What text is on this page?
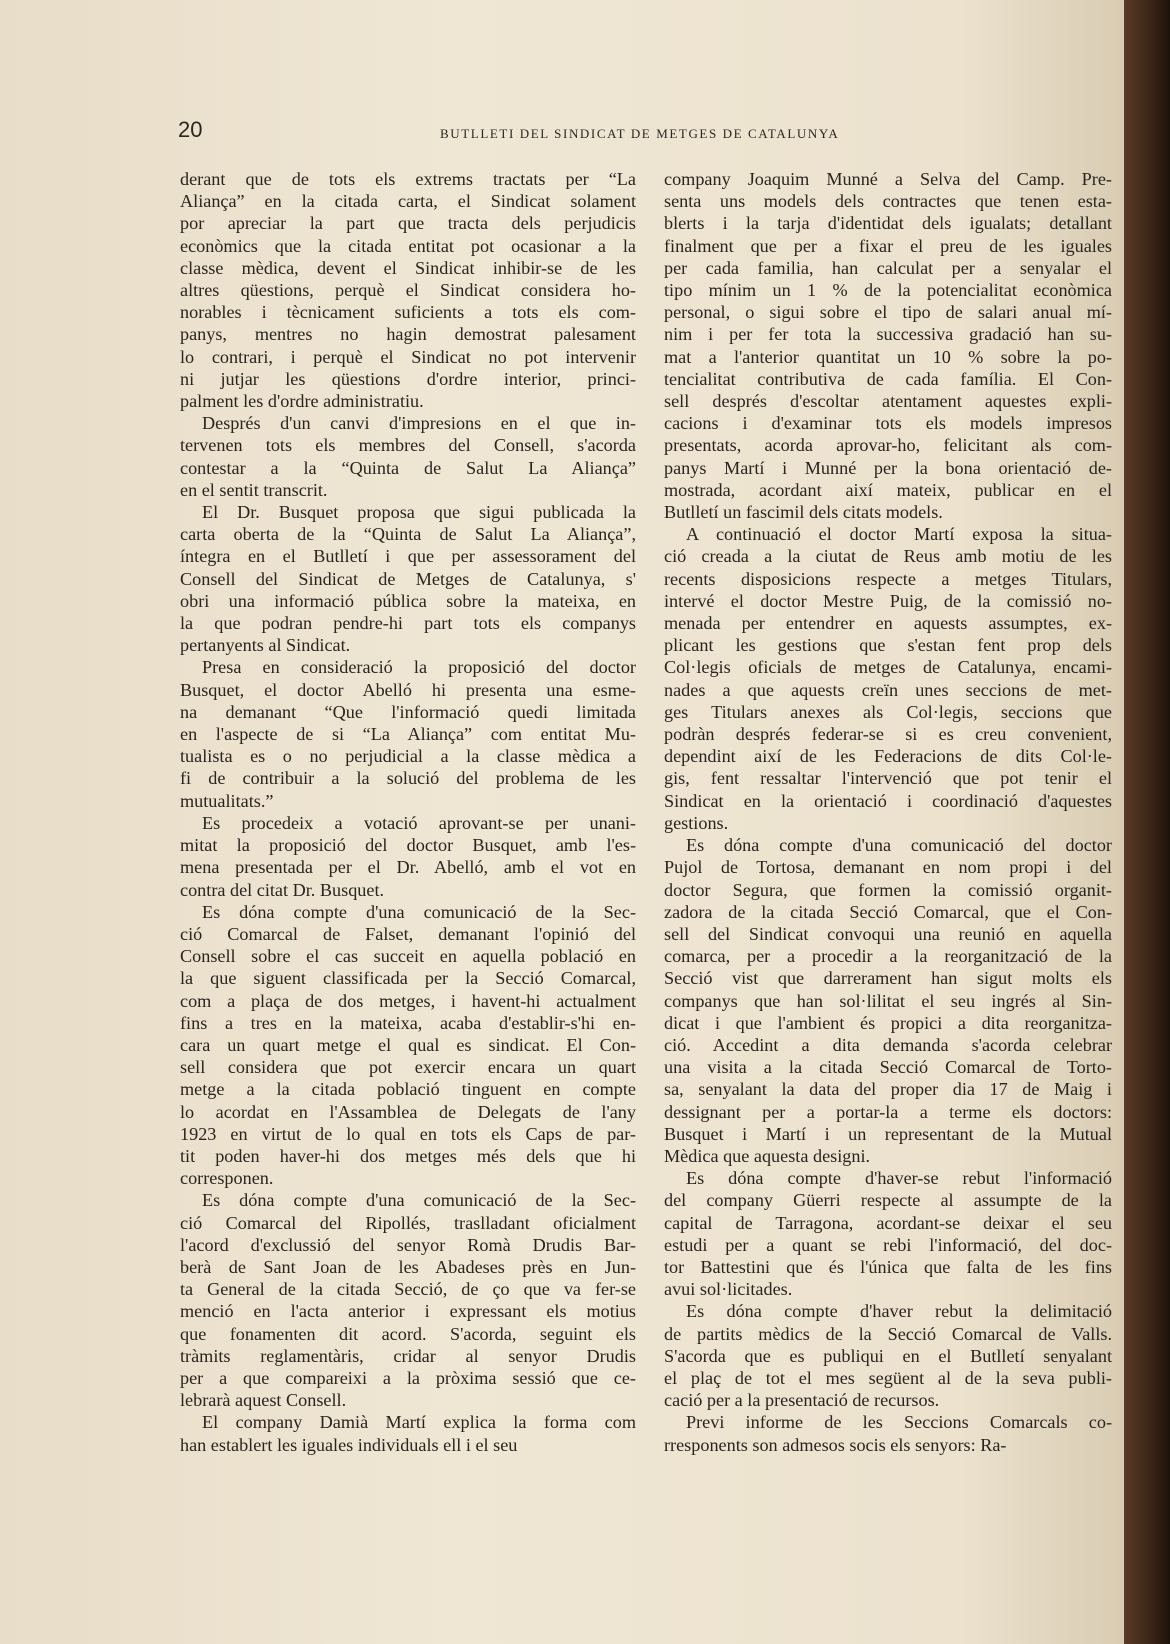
20	BUTLLETI DEL SINDICAT DE METGES DE CATALUNYA

derant que de tots els extrems tractats per “La
Aliança” en la citada carta, el Sindicat solament
por apreciar la part que tracta dels perjudicis
econòmics que la citada entitat pot ocasionar a la
classe mèdica, devent el Sindicat inhibir-se de les
altres qüestions, perquè el Sindicat considera ho-
norables i tècnicament suficients a tots els com-
panys, mentres no hagin demostrat palesament
lo contrari, i perquè el Sindicat no pot intervenir
ni jutjar les qüestions d'ordre interior, princi-
palment les d'ordre administratiu.

Després d'un canvi d'impresions en el que in-
tervenen tots els membres del Consell, s'acorda
contestar a la “Quinta de Salut La Aliança”
en el sentit transcrit.

El Dr. Busquet proposa que sigui publicada la
carta oberta de la “Quinta de Salut La Aliança”,
íntegra en el Butlletí i que per assessorament del
Consell del Sindicat de Metges de Catalunya, s'
obri una informació pública sobre la mateixa, en
la que podran pendre-hi part tots els companys
pertanyents al Sindicat.

Presa en consideració la proposició del doctor
Busquet, el doctor Abelló hi presenta una esme-
na demanant “Que l'informació quedi limitada
en l'aspecte de si “La Aliança” com entitat Mu-
tualista es o no perjudicial a la classe mèdica a
fi de contribuir a la solució del problema de les
mutualitats.”

Es procedeix a votació aprovant-se per unani-
mitat la proposició del doctor Busquet, amb l'es-
mena presentada per el Dr. Abelló, amb el vot en
contra del citat Dr. Busquet.

Es dóna compte d'una comunicació de la Sec-
ció Comarcal de Falset, demanant l'opinió del
Consell sobre el cas succeit en aquella població en
la que siguent classificada per la Secció Comarcal,
com a plaça de dos metges, i havent-hi actualment
fins a tres en la mateixa, acaba d'establir-s'hi en-
cara un quart metge el qual es sindicat. El Con-
sell considera que pot exercir encara un quart
metge a la citada població tinguent en compte
lo acordat en l'Assamblea de Delegats de l'any
1923 en virtut de lo qual en tots els Caps de par-
tit poden haver-hi dos metges més dels que hi
corresponen.

Es dóna compte d'una comunicació de la Sec-
ció Comarcal del Ripollés, traslladant oficialment
l'acord d'exclussió del senyor Romà Drudis Bar-
berà de Sant Joan de les Abadeses près en Jun-
ta General de la citada Secció, de ço que va fer-se
menció en l'acta anterior i expressant els motius
que fonamenten dit acord. S'acorda, seguint els
tràmits reglamentàris, cridar al senyor Drudis
per a que compareixi a la pròxima sessió que ce-
lebrarà aquest Consell.

El company Damià Martí explica la forma com
han establert les iguales individuals ell i el seu

company Joaquim Munné a Selva del Camp. Pre-
senta uns models dels contractes que tenen esta-
blerts i la tarja d'identidat dels igualats; detallant
finalment que per a fixar el preu de les iguales
per cada familia, han calculat per a senyalar el
tipo mínim un 1 % de la potencialitat econòmica
personal, o sigui sobre el tipo de salari anual mí-
nim i per fer tota la successiva gradació han su-
mat a l'anterior quantitat un 10 % sobre la po-
tencialitat contributiva de cada família. El Con-
sell després d'escoltar atentament aquestes expli-
cacions i d'examinar tots els models impresos
presentats, acorda aprovar-ho, felicitant als com-
panys Martí i Munné per la bona orientació de-
mostrada, acordant així mateix, publicar en el
Butlletí un fascimil dels citats models.

A continuació el doctor Martí exposa la situa-
ció creada a la ciutat de Reus amb motiu de les
recents disposicions respecte a metges Titulars,
intervé el doctor Mestre Puig, de la comissió no-
menada per entendrer en aquests assumptes, ex-
plicant les gestions que s'estan fent prop dels
Col·legis oficials de metges de Catalunya, encami-
nades a que aquests creïn unes seccions de met-
ges Titulars anexes als Col·legis, seccions que
podràn després federar-se si es creu convenient,
dependint així de les Federacions de dits Col·le-
gis, fent ressaltar l'intervenció que pot tenir el
Sindicat en la orientació i coordinació d'aquestes
gestions.

Es dóna compte d'una comunicació del doctor
Pujol de Tortosa, demanant en nom propi i del
doctor Segura, que formen la comissió organit-
zadora de la citada Secció Comarcal, que el Con-
sell del Sindicat convoqui una reunió en aquella
comarca, per a procedir a la reorganització de la
Secció vist que darrerament han sigut molts els
companys que han sol·lilitat el seu ingrés al Sin-
dicat i que l'ambient és propici a dita reorganitza-
ció. Accedint a dita demanda s'acorda celebrar
una visita a la citada Secció Comarcal de Torto-
sa, senyalant la data del proper dia 17 de Maig i
dessignant per a portar-la a terme els doctors:
Busquet i Martí i un representant de la Mutual
Mèdica que aquesta designi.

Es dóna compte d'haver-se rebut l'informació
del company Güerri respecte al assumpte de la
capital de Tarragona, acordant-se deixar el seu
estudi per a quant se rebi l'informació, del doc-
tor Battestini que és l'única que falta de les fins
avui sol·licitades.

Es dóna compte d'haver rebut la delimitació
de partits mèdics de la Secció Comarcal de Valls.
S'acorda que es publiqui en el Butlletí senyalant
el plaç de tot el mes següent al de la seva publi-
cació per a la presentació de recursos.

Previ informe de les Seccions Comarcals co-
rresponents son admesos socis els senyors: Ra-
